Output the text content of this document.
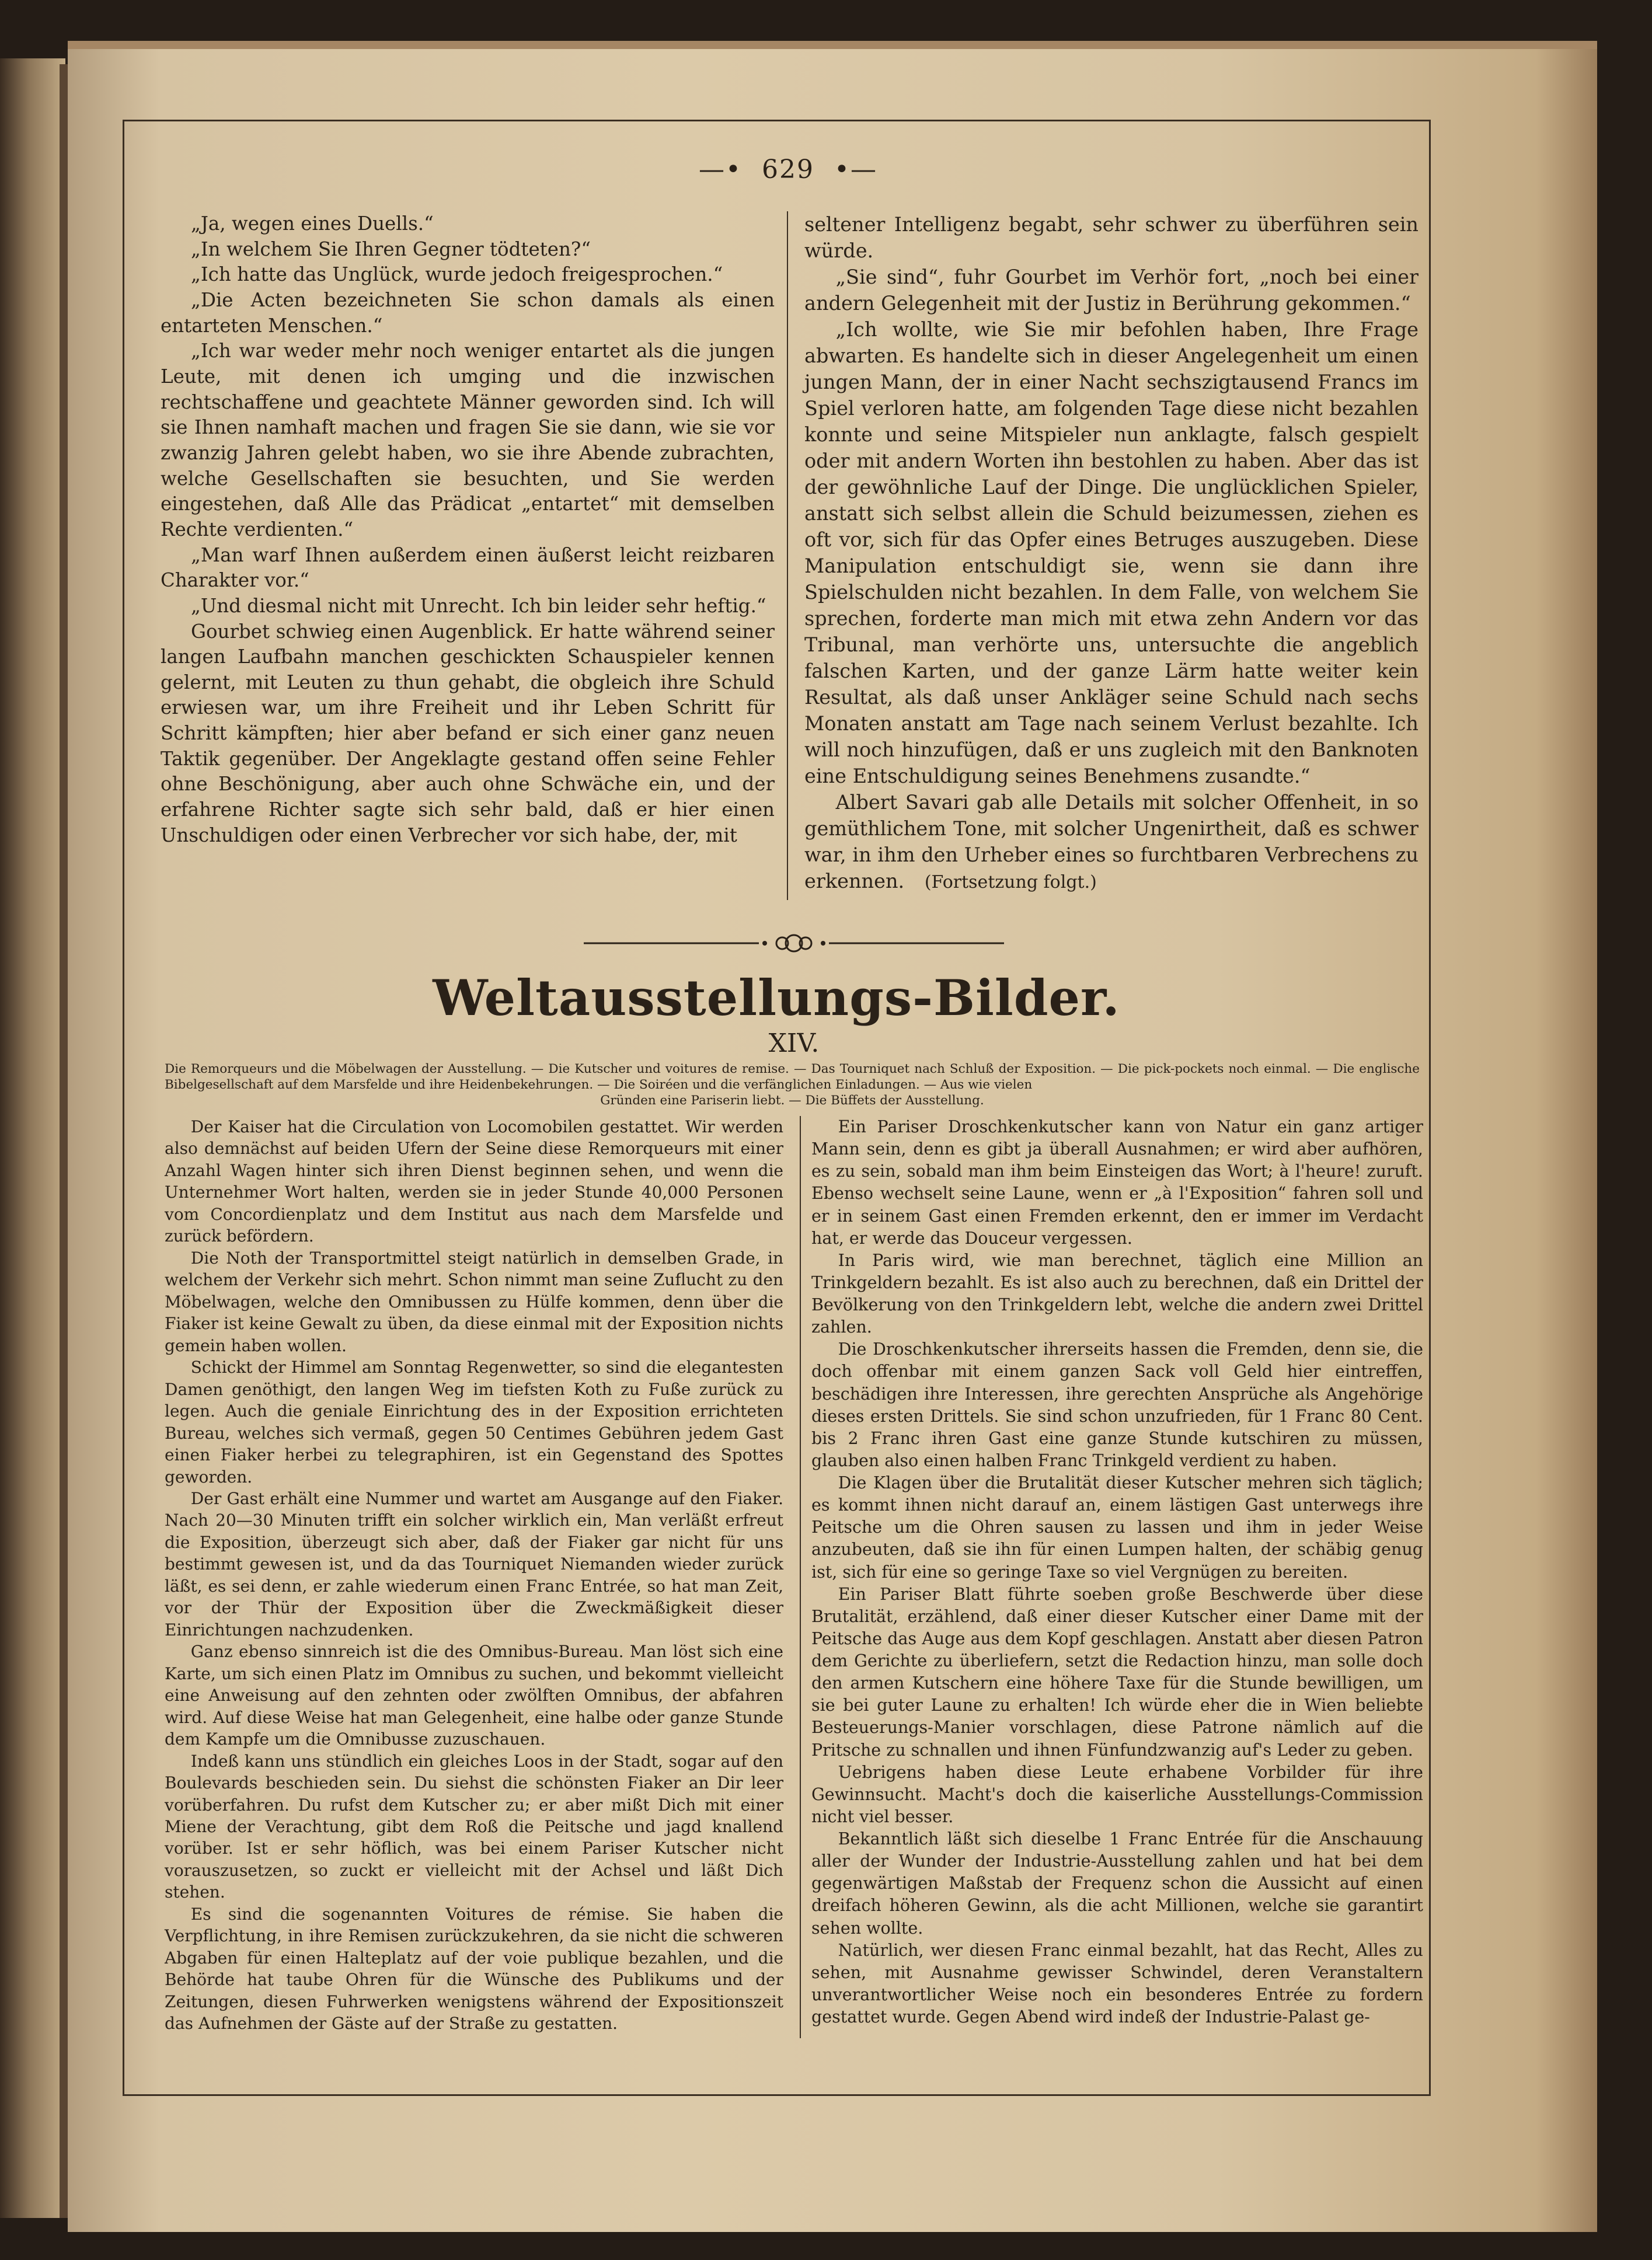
—• 629 •—

„Ja, wegen eines Duells.“

„In welchem Sie Ihren Gegner tödteten?“

„Ich hatte das Unglück, wurde jedoch freigesprochen.“

„Die Acten bezeichneten Sie schon damals als einen entarteten Menschen.“

„Ich war weder mehr noch weniger entartet als die jungen Leute, mit denen ich umging und die inzwischen rechtschaffene und geachtete Männer geworden sind. Ich will sie Ihnen namhaft machen und fragen Sie sie dann, wie sie vor zwanzig Jahren gelebt haben, wo sie ihre Abende zubrachten, welche Gesellschaften sie besuchten, und Sie werden eingestehen, daß Alle das Prädicat „entartet“ mit demselben Rechte verdienten.“

„Man warf Ihnen außerdem einen äußerst leicht reizbaren Charakter vor.“

„Und diesmal nicht mit Unrecht. Ich bin leider sehr heftig.“

Gourbet schwieg einen Augenblick. Er hatte während seiner langen Laufbahn manchen geschickten Schauspieler kennen gelernt, mit Leuten zu thun gehabt, die obgleich ihre Schuld erwiesen war, um ihre Freiheit und ihr Leben Schritt für Schritt kämpften; hier aber befand er sich einer ganz neuen Taktik gegenüber. Der Angeklagte gestand offen seine Fehler ohne Beschönigung, aber auch ohne Schwäche ein, und der erfahrene Richter sagte sich sehr bald, daß er hier einen Unschuldigen oder einen Verbrecher vor sich habe, der, mit

seltener Intelligenz begabt, sehr schwer zu überführen sein würde.

„Sie sind“, fuhr Gourbet im Verhör fort, „noch bei einer andern Gelegenheit mit der Justiz in Berührung gekommen.“

„Ich wollte, wie Sie mir befohlen haben, Ihre Frage abwarten. Es handelte sich in dieser Angelegenheit um einen jungen Mann, der in einer Nacht sechszigtausend Francs im Spiel verloren hatte, am folgenden Tage diese nicht bezahlen konnte und seine Mitspieler nun anklagte, falsch gespielt oder mit andern Worten ihn bestohlen zu haben. Aber das ist der gewöhnliche Lauf der Dinge. Die unglücklichen Spieler, anstatt sich selbst allein die Schuld beizumessen, ziehen es oft vor, sich für das Opfer eines Betruges auszugeben. Diese Manipulation entschuldigt sie, wenn sie dann ihre Spielschulden nicht bezahlen. In dem Falle, von welchem Sie sprechen, forderte man mich mit etwa zehn Andern vor das Tribunal, man verhörte uns, untersuchte die angeblich falschen Karten, und der ganze Lärm hatte weiter kein Resultat, als daß unser Ankläger seine Schuld nach sechs Monaten anstatt am Tage nach seinem Verlust bezahlte. Ich will noch hinzufügen, daß er uns zugleich mit den Banknoten eine Entschuldigung seines Benehmens zusandte.“

Albert Savari gab alle Details mit solcher Offenheit, in so gemüthlichem Tone, mit solcher Ungenirtheit, daß es schwer war, in ihm den Urheber eines so furchtbaren Verbrechens zu erkennen. (Fortsetzung folgt.)

Weltausstellungs-Bilder.
XIV.
Die Remorqueurs und die Möbelwagen der Ausstellung. — Die Kutscher und voitures de remise. — Das Tourniquet nach Schluß der Exposition. — Die pick-pockets noch einmal. — Die englische Bibelgesellschaft auf dem Marsfelde und ihre Heidenbekehrungen. — Die Soiréen und die verfänglichen Einladungen. — Aus wie vielen
Gründen eine Pariserin liebt. — Die Büffets der Ausstellung.

Der Kaiser hat die Circulation von Locomobilen gestattet. Wir werden also demnächst auf beiden Ufern der Seine diese Remorqueurs mit einer Anzahl Wagen hinter sich ihren Dienst beginnen sehen, und wenn die Unternehmer Wort halten, werden sie in jeder Stunde 40,000 Personen vom Concordienplatz und dem Institut aus nach dem Marsfelde und zurück befördern.

Die Noth der Transportmittel steigt natürlich in demselben Grade, in welchem der Verkehr sich mehrt. Schon nimmt man seine Zuflucht zu den Möbelwagen, welche den Omnibussen zu Hülfe kommen, denn über die Fiaker ist keine Gewalt zu üben, da diese einmal mit der Exposition nichts gemein haben wollen.

Schickt der Himmel am Sonntag Regenwetter, so sind die elegantesten Damen genöthigt, den langen Weg im tiefsten Koth zu Fuße zurück zu legen. Auch die geniale Einrichtung des in der Exposition errichteten Bureau, welches sich vermaß, gegen 50 Centimes Gebühren jedem Gast einen Fiaker herbei zu telegraphiren, ist ein Gegenstand des Spottes geworden.

Der Gast erhält eine Nummer und wartet am Ausgange auf den Fiaker. Nach 20—30 Minuten trifft ein solcher wirklich ein, Man verläßt erfreut die Exposition, überzeugt sich aber, daß der Fiaker gar nicht für uns bestimmt gewesen ist, und da das Tourniquet Niemanden wieder zurück läßt, es sei denn, er zahle wiederum einen Franc Entrée, so hat man Zeit, vor der Thür der Exposition über die Zweckmäßigkeit dieser Einrichtungen nachzudenken.

Ganz ebenso sinnreich ist die des Omnibus-Bureau. Man löst sich eine Karte, um sich einen Platz im Omnibus zu suchen, und bekommt vielleicht eine Anweisung auf den zehnten oder zwölften Omnibus, der abfahren wird. Auf diese Weise hat man Gelegenheit, eine halbe oder ganze Stunde dem Kampfe um die Omnibusse zuzuschauen.

Indeß kann uns stündlich ein gleiches Loos in der Stadt, sogar auf den Boulevards beschieden sein. Du siehst die schönsten Fiaker an Dir leer vorüberfahren. Du rufst dem Kutscher zu; er aber mißt Dich mit einer Miene der Verachtung, gibt dem Roß die Peitsche und jagd knallend vorüber. Ist er sehr höflich, was bei einem Pariser Kutscher nicht vorauszusetzen, so zuckt er vielleicht mit der Achsel und läßt Dich stehen.

Es sind die sogenannten Voitures de rémise. Sie haben die Verpflichtung, in ihre Remisen zurückzukehren, da sie nicht die schweren Abgaben für einen Halteplatz auf der voie publique bezahlen, und die Behörde hat taube Ohren für die Wünsche des Publikums und der Zeitungen, diesen Fuhrwerken wenigstens während der Expositionszeit das Aufnehmen der Gäste auf der Straße zu gestatten.

Ein Pariser Droschkenkutscher kann von Natur ein ganz artiger Mann sein, denn es gibt ja überall Ausnahmen; er wird aber aufhören, es zu sein, sobald man ihm beim Einsteigen das Wort; à l'heure! zuruft. Ebenso wechselt seine Laune, wenn er „à l'Exposition“ fahren soll und er in seinem Gast einen Fremden erkennt, den er immer im Verdacht hat, er werde das Douceur vergessen.

In Paris wird, wie man berechnet, täglich eine Million an Trinkgeldern bezahlt. Es ist also auch zu berechnen, daß ein Drittel der Bevölkerung von den Trinkgeldern lebt, welche die andern zwei Drittel zahlen.

Die Droschkenkutscher ihrerseits hassen die Fremden, denn sie, die doch offenbar mit einem ganzen Sack voll Geld hier eintreffen, beschädigen ihre Interessen, ihre gerechten Ansprüche als Angehörige dieses ersten Drittels. Sie sind schon unzufrieden, für 1 Franc 80 Cent. bis 2 Franc ihren Gast eine ganze Stunde kutschiren zu müssen, glauben also einen halben Franc Trinkgeld verdient zu haben.

Die Klagen über die Brutalität dieser Kutscher mehren sich täglich; es kommt ihnen nicht darauf an, einem lästigen Gast unterwegs ihre Peitsche um die Ohren sausen zu lassen und ihm in jeder Weise anzubeuten, daß sie ihn für einen Lumpen halten, der schäbig genug ist, sich für eine so geringe Taxe so viel Vergnügen zu bereiten.

Ein Pariser Blatt führte soeben große Beschwerde über diese Brutalität, erzählend, daß einer dieser Kutscher einer Dame mit der Peitsche das Auge aus dem Kopf geschlagen. Anstatt aber diesen Patron dem Gerichte zu überliefern, setzt die Redaction hinzu, man solle doch den armen Kutschern eine höhere Taxe für die Stunde bewilligen, um sie bei guter Laune zu erhalten! Ich würde eher die in Wien beliebte Besteuerungs-Manier vorschlagen, diese Patrone nämlich auf die Pritsche zu schnallen und ihnen Fünfundzwanzig auf's Leder zu geben.

Uebrigens haben diese Leute erhabene Vorbilder für ihre Gewinnsucht. Macht's doch die kaiserliche Ausstellungs-Commission nicht viel besser.

Bekanntlich läßt sich dieselbe 1 Franc Entrée für die Anschauung aller der Wunder der Industrie-Ausstellung zahlen und hat bei dem gegenwärtigen Maßstab der Frequenz schon die Aussicht auf einen dreifach höheren Gewinn, als die acht Millionen, welche sie garantirt sehen wollte.

Natürlich, wer diesen Franc einmal bezahlt, hat das Recht, Alles zu sehen, mit Ausnahme gewisser Schwindel, deren Veranstaltern unverantwortlicher Weise noch ein besonderes Entrée zu fordern gestattet wurde. Gegen Abend wird indeß der Industrie-Palast ge-
